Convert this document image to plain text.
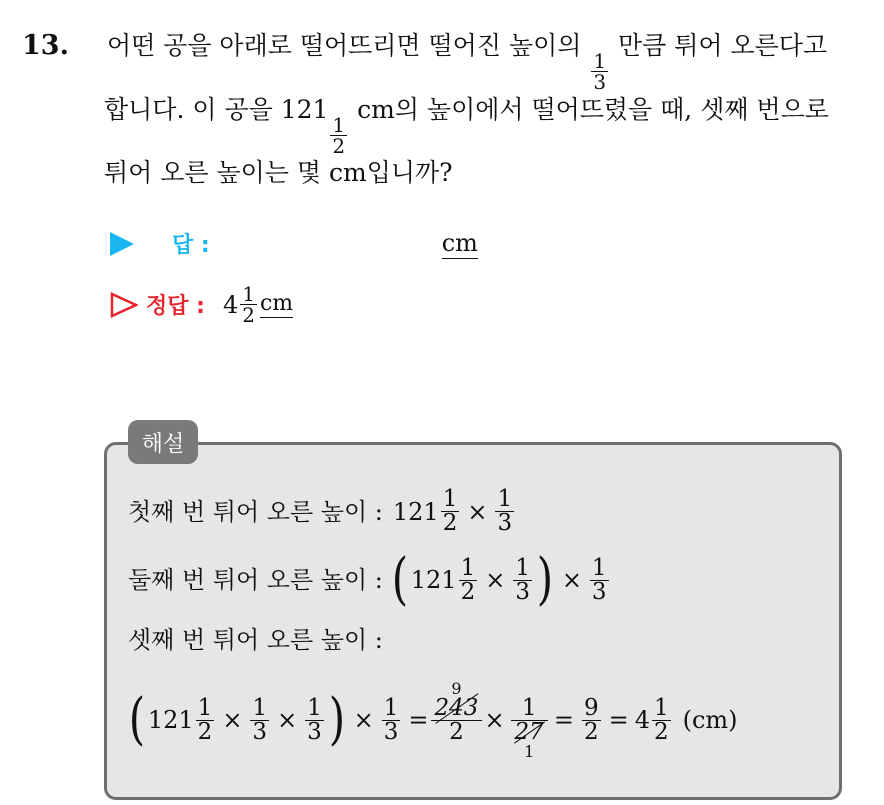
13. 어떤 공을 아래로 떨어뜨리면 떨어진 높이의
$\frac{1}{3}$
만큼 튀어 오른다고
합니다. 이 공을 121
$\frac{1}{2}$
cm의 높이에서 떨어뜨렸을 때, 셋째 번으로
튀어 오른 높이는 몇 cm입니까?
답 :	cm
정답 : $4 \frac{1}{2}$ cm
해설
첫째 번 튀어 오른 높이 : $121 \frac{1}{2} \times \frac{1}{3}$
둘째 번 튀어 오른 높이 : ( $121 \frac{1}{2} \times \frac{1}{3}$ ) × $\frac{1}{3}$
셋째 번 튀어 오른 높이 :
( $121 \frac{1}{2} \times \frac{1}{3} \times \frac{1}{3}$ ) × $\frac{1}{3}$ =
9
243
2 × 1
27
1
= $\frac{9}{2} = 4 \frac{1}{2} (cm)$
